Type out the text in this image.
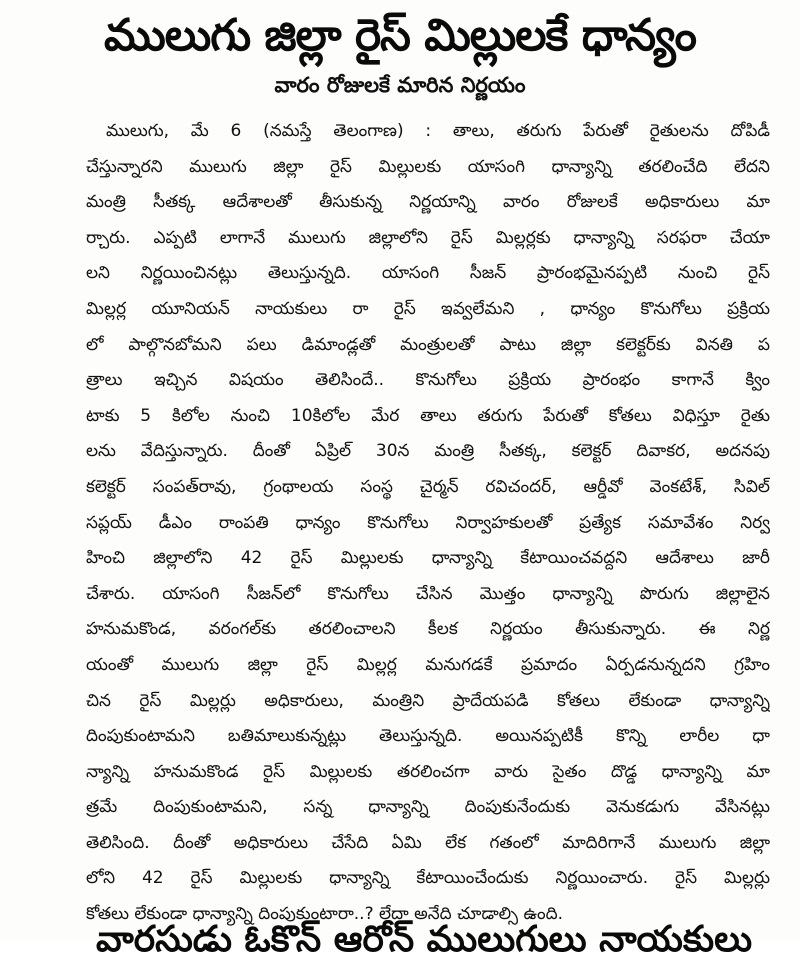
ములుగు జిల్లా రైస్ మిల్లులకే ధాన్యం
వారం రోజులకే మారిన నిర్ణయం
ములుగు, మే 6 (నమస్తే తెలంగాణ) : తాలు, తరుగు పేరుతో రైతులను దోపిడీ
చేస్తున్నారని ములుగు జిల్లా రైస్ మిల్లులకు యాసంగి ధాన్యాన్ని తరలించేది లేదని
మంత్రి సీతక్క ఆదేశాలతో తీసుకున్న నిర్ణయాన్ని వారం రోజులకే అధికారులు మా
ర్చారు. ఎప్పటి లాగానే ములుగు జిల్లాలోని రైస్ మిల్లర్లకు ధాన్యాన్ని సరఫరా చేయా
లని నిర్ణయించినట్లు తెలుస్తున్నది. యాసంగి సీజన్ ప్రారంభమైనప్పటి నుంచి రైస్
మిల్లర్ల యూనియన్ నాయకులు రా రైస్ ఇవ్వలేమని , ధాన్యం కొనుగోలు ప్రక్రియ
లో పాల్గొనబోమని పలు డిమాండ్లతో మంత్రులతో పాటు జిల్లా కలెక్టర్‌కు వినతి ప
త్రాలు ఇచ్చిన విషయం తెలిసిందే.. కొనుగోలు ప్రక్రియ ప్రారంభం కాగానే క్విం
టాకు 5 కిలోల నుంచి 10కిలోల మేర తాలు తరుగు పేరుతో కోతలు విధిస్తూ రైతు
లను వేదిస్తున్నారు. దీంతో ఏప్రిల్ 30న మంత్రి సీతక్క, కలెక్టర్ దివాకర, అదనపు
కలెక్టర్ సంపత్‌రావు, గ్రంథాలయ సంస్థ చైర్మన్ రవిచందర్, ఆర్డీవో వెంకటేశ్, సివిల్
సప్లయ్ డీఎం రాంపతి ధాన్యం కొనుగోలు నిర్వాహకులతో ప్రత్యేక సమావేశం నిర్వ
హించి జిల్లాలోని 42 రైస్ మిల్లులకు ధాన్యాన్ని కేటాయించవద్దని ఆదేశాలు జారీ
చేశారు. యాసంగి సీజన్‌లో కొనుగోలు చేసిన మొత్తం ధాన్యాన్ని పొరుగు జిల్లాలైన
హనుమకొండ, వరంగల్‌కు తరలించాలని కీలక నిర్ణయం తీసుకున్నారు. ఈ నిర్ణ
యంతో ములుగు జిల్లా రైస్ మిల్లర్ల మనుగడకే ప్రమాదం ఏర్పడనున్నదని గ్రహిం
చిన రైస్ మిల్లర్లు అధికారులు, మంత్రిని ప్రాదేయపడి కోతలు లేకుండా ధాన్యాన్ని
దింపుకుంటామని బతిమాలుకున్నట్లు తెలుస్తున్నది. అయినప్పటికీ కొన్ని లారీల ధా
న్యాన్ని హనుమకొండ రైస్ మిల్లులకు తరలించగా వారు సైతం దొడ్డ ధాన్యాన్ని మా
త్రమే దింపుకుంటామని, సన్న ధాన్యాన్ని దింపుకునేందుకు వెనుకడుగు వేసినట్లు
తెలిసింది. దీంతో అధికారులు చేసేది ఏమి లేక గతంలో మాదిరిగానే ములుగు జిల్లా
లోని 42 రైస్ మిల్లులకు ధాన్యాన్ని కేటాయించేందుకు నిర్ణయించారు. రైస్ మిల్లర్లు
కోతలు లేకుండా ధాన్యాన్ని దింపుకుంటారా..? లేదా అనేది చూడాల్సి ఉంది.
వారసుడు ఓకొన్ ఆరోన్ ములుగులు నాయకులు
